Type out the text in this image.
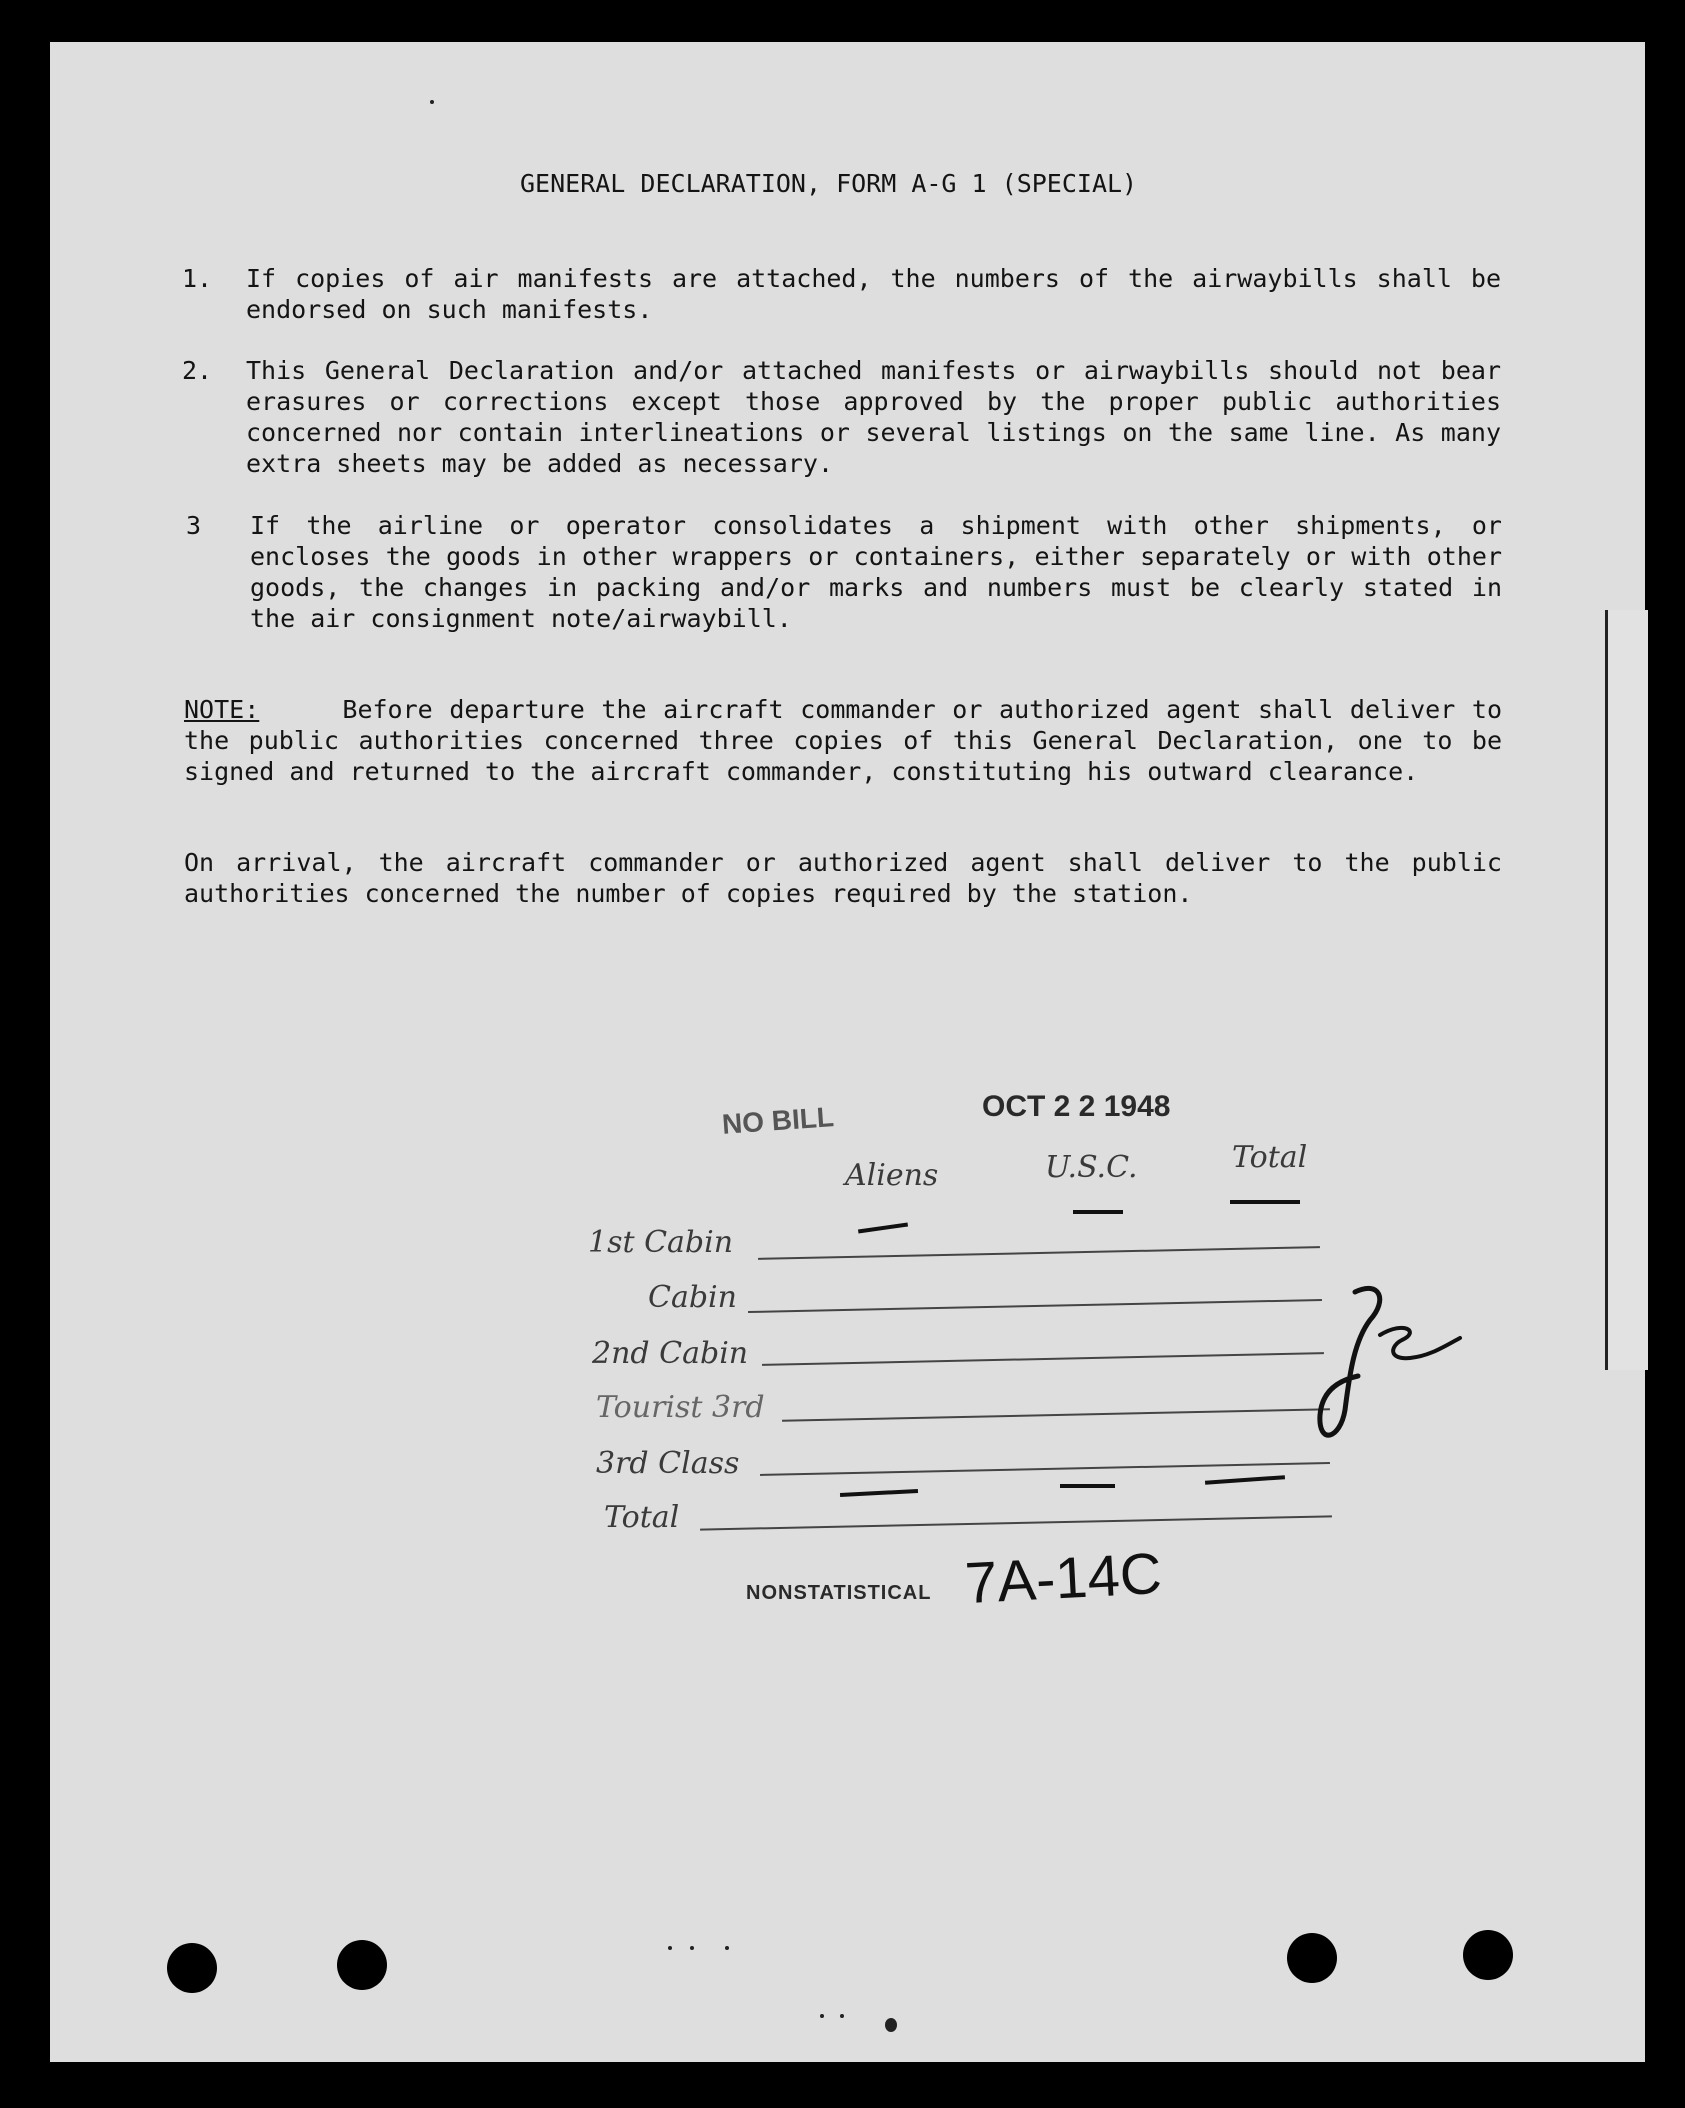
GENERAL DECLARATION, FORM A-G 1 (SPECIAL)
1. If copies of air manifests are attached, the numbers of the airwaybills shall be endorsed on such manifests.
2. This General Declaration and/or attached manifests or airwaybills should not bear erasures or corrections except those approved by the proper public authorities concerned nor contain interlineations or several listings on the same line. As many extra sheets may be added as necessary.
3 If the airline or operator consolidates a shipment with other shipments, or encloses the goods in other wrappers or containers, either separately or with other goods, the changes in packing and/or marks and numbers must be clearly stated in the air consignment note/airwaybill.
NOTE:	Before departure the aircraft commander or authorized agent shall deliver to the public authorities concerned three copies of this General Declaration, one to be signed and returned to the aircraft commander, constituting his outward clearance.
On arrival, the aircraft commander or authorized agent shall deliver to the public authorities concerned the number of copies required by the station.
NO BILL	OCT 2 2 1948
Aliens	U.S.C.	Total
1st Cabin
Cabin
2nd Cabin
Tourist 3rd
3rd Class
Total
NONSTATISTICAL 7A-14C
